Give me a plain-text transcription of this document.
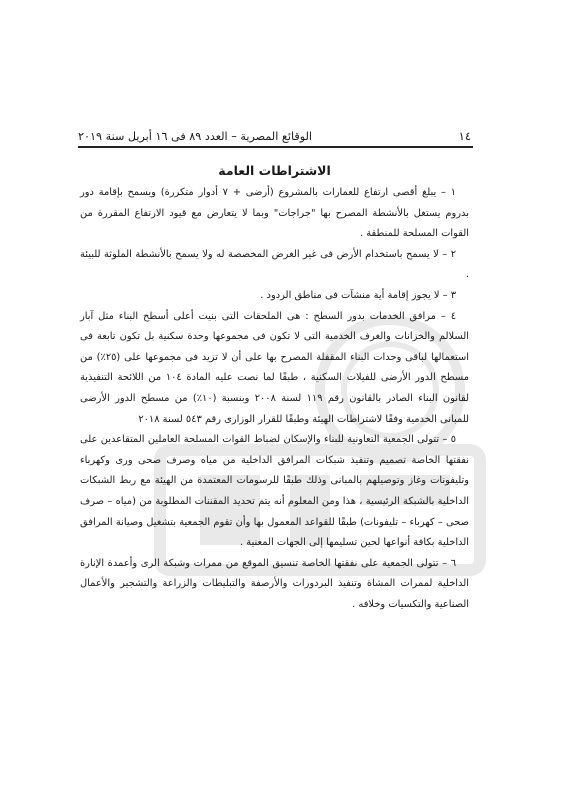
١٤
الوقائع المصرية – العدد ٨٩ فى ١٦ أبريل سنة ٢٠١٩
الاشتراطات العامة

١ – يبلغ أقصى ارتفاع للعمارات بالمشروع (أرضى + ٧ أدوار متكررة) ويسمح بإقامة دور بدروم يستغل بالأنشطة المصرح بها "جراجات" وبما لا يتعارض مع قيود الارتفاع المقررة من القوات المسلحة للمنطقة .

٢ – لا يسمح باستخدام الأرض فى غير الغرض المخصصة له ولا يسمح بالأنشطة الملوثة للبيئة .

٣ – لا يجوز إقامة أية منشآت فى مناطق الردود .

٤ – مرافق الخدمات بدور السطح : هى الملحقات التى بنيت أعلى أسطح البناء مثل آبار السلالم والخزانات والغرف الخدمية التى لا تكون فى مجموعها وحدة سكنية بل تكون تابعة فى استعمالها لباقى وحدات البناء المقفلة المصرح بها على أن لا تزيد فى مجموعها على (٢٥٪) من مسطح الدور الأرضى للفيلات السكنية ، طبقًا لما نصت عليه المادة ١٠٤ من اللائحة التنفيذية لقانون البناء الصادر بالقانون رقم ١١٩ لسنة ٢٠٠٨ وبنسبة (١٠٪) من مسطح الدور الأرضى للمبانى الخدمية وفقًا لاشتراطات الهيئة وطبقًا للقرار الوزارى رقم ٥٤٣ لسنة ٢٠١٨

٥ – تتولى الجمعية التعاونية للبناء والإسكان لضباط القوات المسلحة العاملين المتقاعدين على نفقتها الخاصة تصميم وتنفيذ شبكات المرافق الداخلية من مياه وصرف صحى ورى وكهرباء وتليفونات وغاز وتوصيلهم بالمبانى وذلك طبقًا للرسومات المعتمدة من الهيئة مع ربط الشبكات الداخلية بالشبكة الرئيسية ، هذا ومن المعلوم أنه يتم تحديد المقننات المطلوبة من (مياه – صرف صحى – كهرباء – تليفونات) طبقًا للقواعد المعمول بها وأن تقوم الجمعية بتشغيل وصيانة المرافق الداخلية بكافة أنواعها لحين تسليمها إلى الجهات المعنية .

٦ – تتولى الجمعية على نفقتها الخاصة تنسيق الموقع من ممرات وشبكة الرى وأعمدة الإنارة الداخلية لممرات المشاة وتنفيذ البردورات والأرصفة والتبليطات والزراعة والتشجير والأعمال الصناعية والتكسيات وخلافه .
